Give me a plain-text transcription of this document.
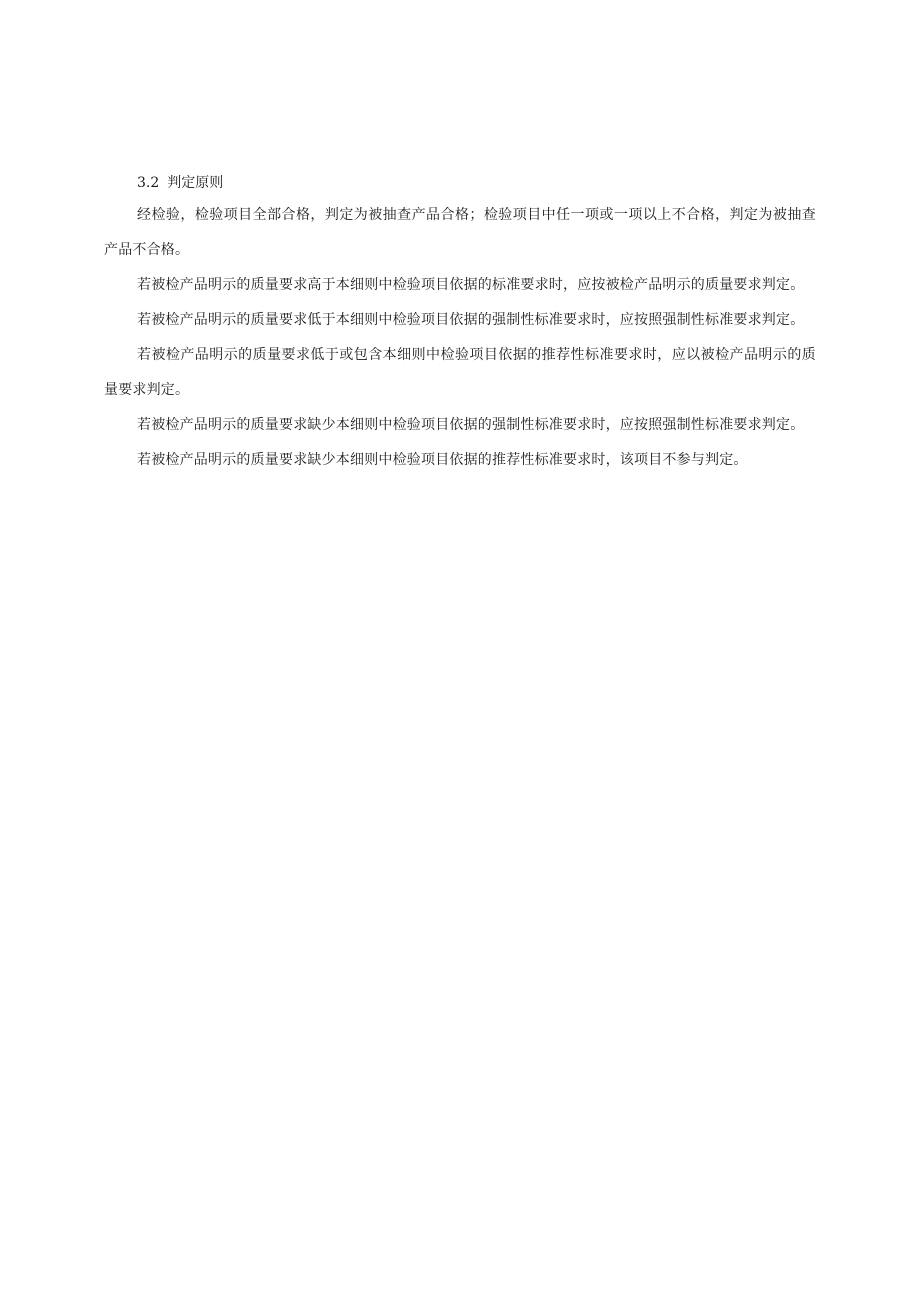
3.2 判定原则

经检验，检验项目全部合格，判定为被抽查产品合格；检验项目中任一项或一项以上不合格，判定为被抽查产品不合格。

若被检产品明示的质量要求高于本细则中检验项目依据的标准要求时，应按被检产品明示的质量要求判定。

若被检产品明示的质量要求低于本细则中检验项目依据的强制性标准要求时，应按照强制性标准要求判定。

若被检产品明示的质量要求低于或包含本细则中检验项目依据的推荐性标准要求时，应以被检产品明示的质量要求判定。

若被检产品明示的质量要求缺少本细则中检验项目依据的强制性标准要求时，应按照强制性标准要求判定。

若被检产品明示的质量要求缺少本细则中检验项目依据的推荐性标准要求时，该项目不参与判定。
